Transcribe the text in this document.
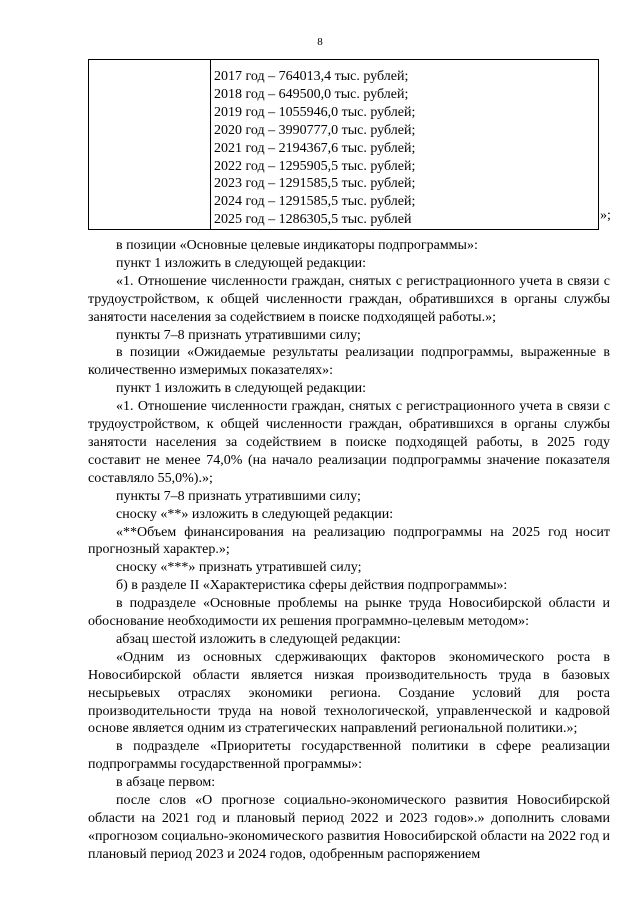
8
2017 год – 764013,4 тыс. рублей;
2018 год – 649500,0 тыс. рублей;
2019 год – 1055946,0 тыс. рублей;
2020 год – 3990777,0 тыс. рублей;
2021 год – 2194367,6 тыс. рублей;
2022 год – 1295905,5 тыс. рублей;
2023 год – 1291585,5 тыс. рублей;
2024 год – 1291585,5 тыс. рублей;
2025 год – 1286305,5 тыс. рублей	»;

в позиции «Основные целевые индикаторы подпрограммы»:

пункт 1 изложить в следующей редакции:

«1. Отношение численности граждан, снятых с регистрационного учета в связи с трудоустройством, к общей численности граждан, обратившихся в органы службы занятости населения за содействием в поиске подходящей работы.»;

пункты 7–8 признать утратившими силу;

в позиции «Ожидаемые результаты реализации подпрограммы, выраженные в количественно измеримых показателях»:

пункт 1 изложить в следующей редакции:

«1. Отношение численности граждан, снятых с регистрационного учета в связи с трудоустройством, к общей численности граждан, обратившихся в органы службы занятости населения за содействием в поиске подходящей работы, в 2025 году составит не менее 74,0% (на начало реализации подпрограммы значение показателя составляло 55,0%).»;

пункты 7–8 признать утратившими силу;

сноску «**» изложить в следующей редакции:

«**Объем финансирования на реализацию подпрограммы на 2025 год носит прогнозный характер.»;

сноску «***» признать утратившей силу;

б) в разделе II «Характеристика сферы действия подпрограммы»:

в подразделе «Основные проблемы на рынке труда Новосибирской области и обоснование необходимости их решения программно-целевым методом»:

абзац шестой изложить в следующей редакции:

«Одним из основных сдерживающих факторов экономического роста в Новосибирской области является низкая производительность труда в базовых несырьевых отраслях экономики региона. Создание условий для роста производительности труда на новой технологической, управленческой и кадровой основе является одним из стратегических направлений региональной политики.»;

в подразделе «Приоритеты государственной политики в сфере реализации подпрограммы государственной программы»:

в абзаце первом:

после слов «О прогнозе социально-экономического развития Новосибирской области на 2021 год и плановый период 2022 и 2023 годов».» дополнить словами «прогнозом социально-экономического развития Новосибирской области на 2022 год и плановый период 2023 и 2024 годов, одобренным распоряжением
